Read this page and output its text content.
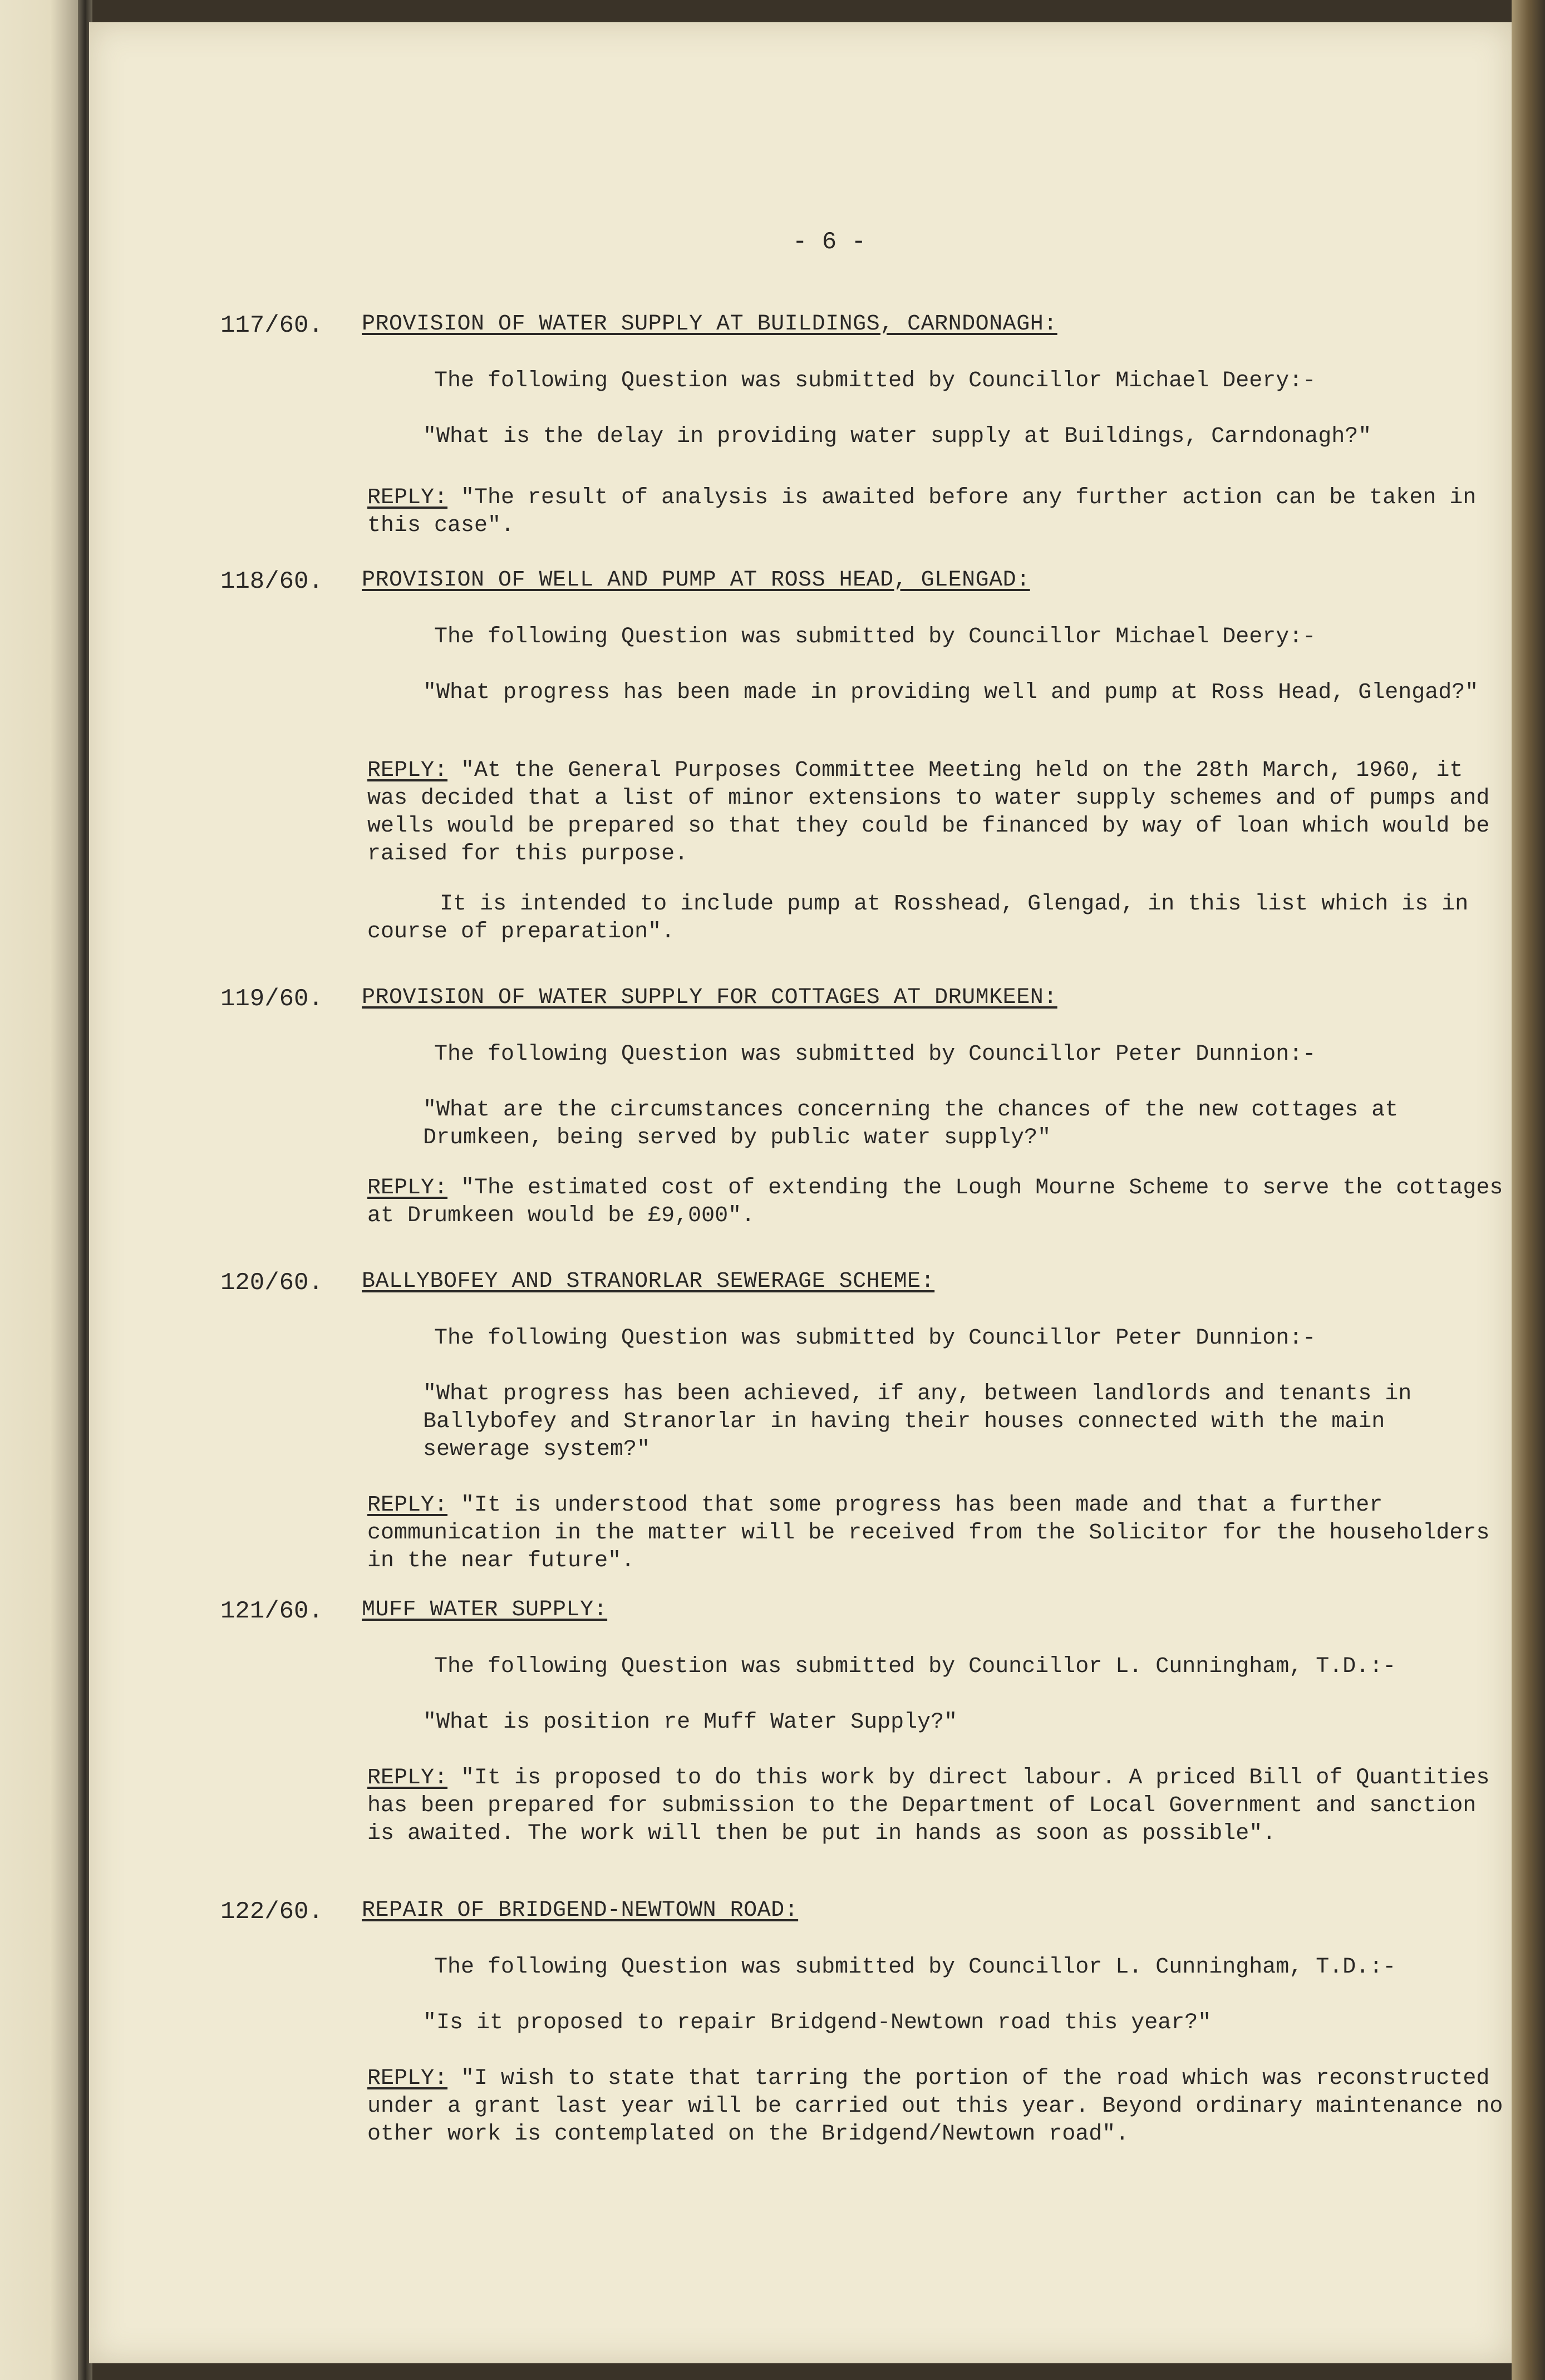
- 6 -
117/60. PROVISION OF WATER SUPPLY AT BUILDINGS, CARNDONAGH:
The following Question was submitted by Councillor Michael Deery:-
"What is the delay in providing water supply at Buildings, Carndonagh?"
REPLY: "The result of analysis is awaited before any further action can be taken in this case".
118/60. PROVISION OF WELL AND PUMP AT ROSS HEAD, GLENGAD:
The following Question was submitted by Councillor Michael Deery:-
"What progress has been made in providing well and pump at Ross Head, Glengad?"
REPLY: "At the General Purposes Committee Meeting held on the 28th March, 1960, it was decided that a list of minor extensions to water supply schemes and of pumps and wells would be prepared so that they could be financed by way of loan which would be raised for this purpose.
It is intended to include pump at Rosshead, Glengad, in this list which is in course of preparation".
119/60. PROVISION OF WATER SUPPLY FOR COTTAGES AT DRUMKEEN:
The following Question was submitted by Councillor Peter Dunnion:-
"What are the circumstances concerning the chances of the new cottages at Drumkeen, being served by public water supply?"
REPLY: "The estimated cost of extending the Lough Mourne Scheme to serve the cottages at Drumkeen would be £9,000".
120/60. BALLYBOFEY AND STRANORLAR SEWERAGE SCHEME:
The following Question was submitted by Councillor Peter Dunnion:-
"What progress has been achieved, if any, between landlords and tenants in Ballybofey and Stranorlar in having their houses connected with the main sewerage system?"
REPLY: "It is understood that some progress has been made and that a further communication in the matter will be received from the Solicitor for the householders in the near future".
121/60. MUFF WATER SUPPLY:
The following Question was submitted by Councillor L. Cunningham, T.D.:-
"What is position re Muff Water Supply?"
REPLY: "It is proposed to do this work by direct labour. A priced Bill of Quantities has been prepared for submission to the Department of Local Government and sanction is awaited. The work will then be put in hands as soon as possible".
122/60. REPAIR OF BRIDGEND-NEWTOWN ROAD:
The following Question was submitted by Councillor L. Cunningham, T.D.:-
"Is it proposed to repair Bridgend-Newtown road this year?"
REPLY: "I wish to state that tarring the portion of the road which was reconstructed under a grant last year will be carried out this year. Beyond ordinary maintenance no other work is contemplated on the Bridgend/Newtown road".
